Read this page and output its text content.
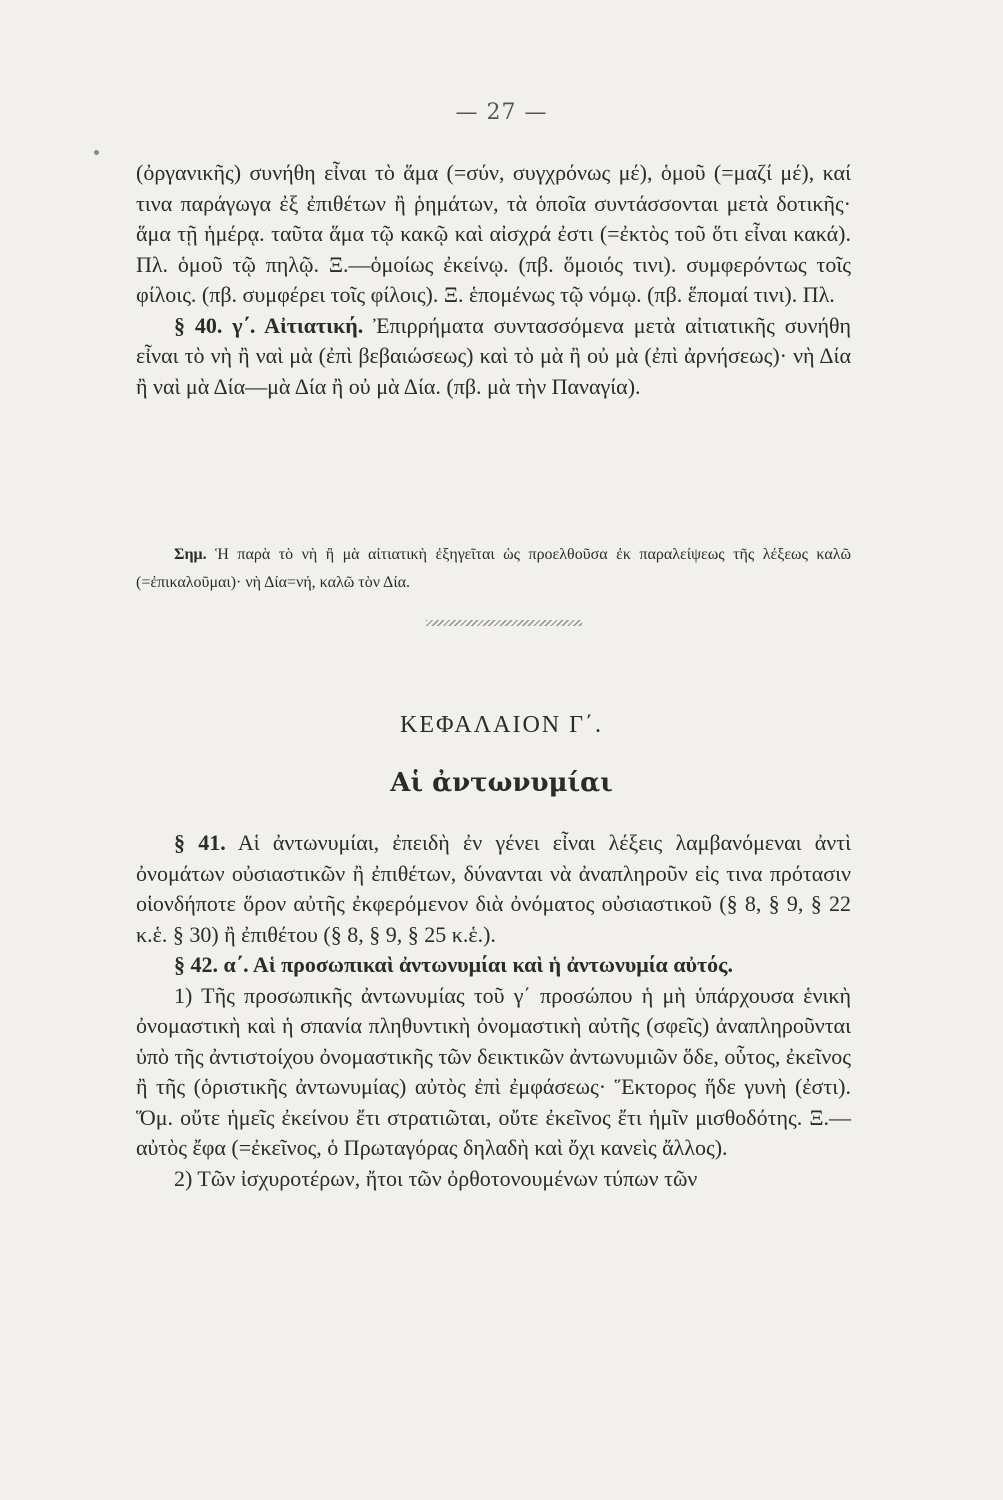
— 27 —

(ὀργανικῆς) συνήθη εἶναι τὸ ἅμα (=σύν, συγχρόνως μέ), ὁμοῦ (=μαζί μέ), καί τινα παράγωγα ἐξ ἐπιθέτων ἢ ῥημάτων, τὰ ὁποῖα συντάσσονται μετὰ δοτικῆς· ἅμα τῇ ἡμέρᾳ. ταῦτα ἅμα τῷ κακῷ καὶ αἰσχρά ἐστι (=ἐκτὸς τοῦ ὅτι εἶναι κακά). Πλ. ὁμοῦ τῷ πηλῷ. Ξ.—ὁμοίως ἐκείνῳ. (πβ. ὅμοιός τινι). συμφερόντως τοῖς φίλοις. (πβ. συμφέρει τοῖς φίλοις). Ξ. ἑπομένως τῷ νόμῳ. (πβ. ἕπομαί τινι). Πλ.

§ 40. γ΄. Αἰτιατική. Ἐπιρρήματα συντασσόμενα μετὰ αἰτιατικῆς συνήθη εἶναι τὸ νὴ ἢ ναὶ μὰ (ἐπὶ βεβαιώσεως) καὶ τὸ μὰ ἢ οὐ μὰ (ἐπὶ ἀρνήσεως)· νὴ Δία ἢ ναὶ μὰ Δία—μὰ Δία ἢ οὐ μὰ Δία. (πβ. μὰ τὴν Παναγία).

Σημ. Ἡ παρὰ τὸ νὴ ἢ μὰ αἰτιατικὴ ἐξηγεῖται ὡς προελθοῦσα ἐκ παραλείψεως τῆς λέξεως καλῶ (=ἐπικαλοῦμαι)· νὴ Δία=νή, καλῶ τὸν Δία.

ΚΕΦΑΛΑΙΟΝ Γ΄.
Αἱ ἀντωνυμίαι

§ 41. Αἱ ἀντωνυμίαι, ἐπειδὴ ἐν γένει εἶναι λέξεις λαμβανόμεναι ἀντὶ ὀνομάτων οὐσιαστικῶν ἢ ἐπιθέτων, δύνανται νὰ ἀναπληροῦν εἰς τινα πρότασιν οἱονδήποτε ὅρον αὐτῆς ἐκφερόμενον διὰ ὀνόματος οὐσιαστικοῦ (§ 8, § 9, § 22 κ.ἑ. § 30) ἢ ἐπιθέτου (§ 8, § 9, § 25 κ.ἑ.).

§ 42. α΄. Αἱ προσωπικαὶ ἀντωνυμίαι καὶ ἡ ἀντωνυμία αὐτός.

1) Τῆς προσωπικῆς ἀντωνυμίας τοῦ γ΄ προσώπου ἡ μὴ ὑπάρχουσα ἑνικὴ ὀνομαστικὴ καὶ ἡ σπανία πληθυντικὴ ὀνομαστικὴ αὐτῆς (σφεῖς) ἀναπληροῦνται ὑπὸ τῆς ἀντιστοίχου ὀνομαστικῆς τῶν δεικτικῶν ἀντωνυμιῶν ὅδε, οὗτος, ἐκεῖνος ἢ τῆς (ὁριστικῆς ἀντωνυμίας) αὐτὸς ἐπὶ ἐμφάσεως· Ἕκτορος ἥδε γυνὴ (ἐστι). Ὅμ. οὔτε ἡμεῖς ἐκείνου ἔτι στρατιῶται, οὔτε ἐκεῖνος ἔτι ἡμῖν μισθοδότης. Ξ.—αὐτὸς ἔφα (=ἐκεῖνος, ὁ Πρωταγόρας δηλαδὴ καὶ ὄχι κανεὶς ἄλλος).

2) Τῶν ἰσχυροτέρων, ἤτοι τῶν ὀρθοτονουμένων τύπων τῶν
